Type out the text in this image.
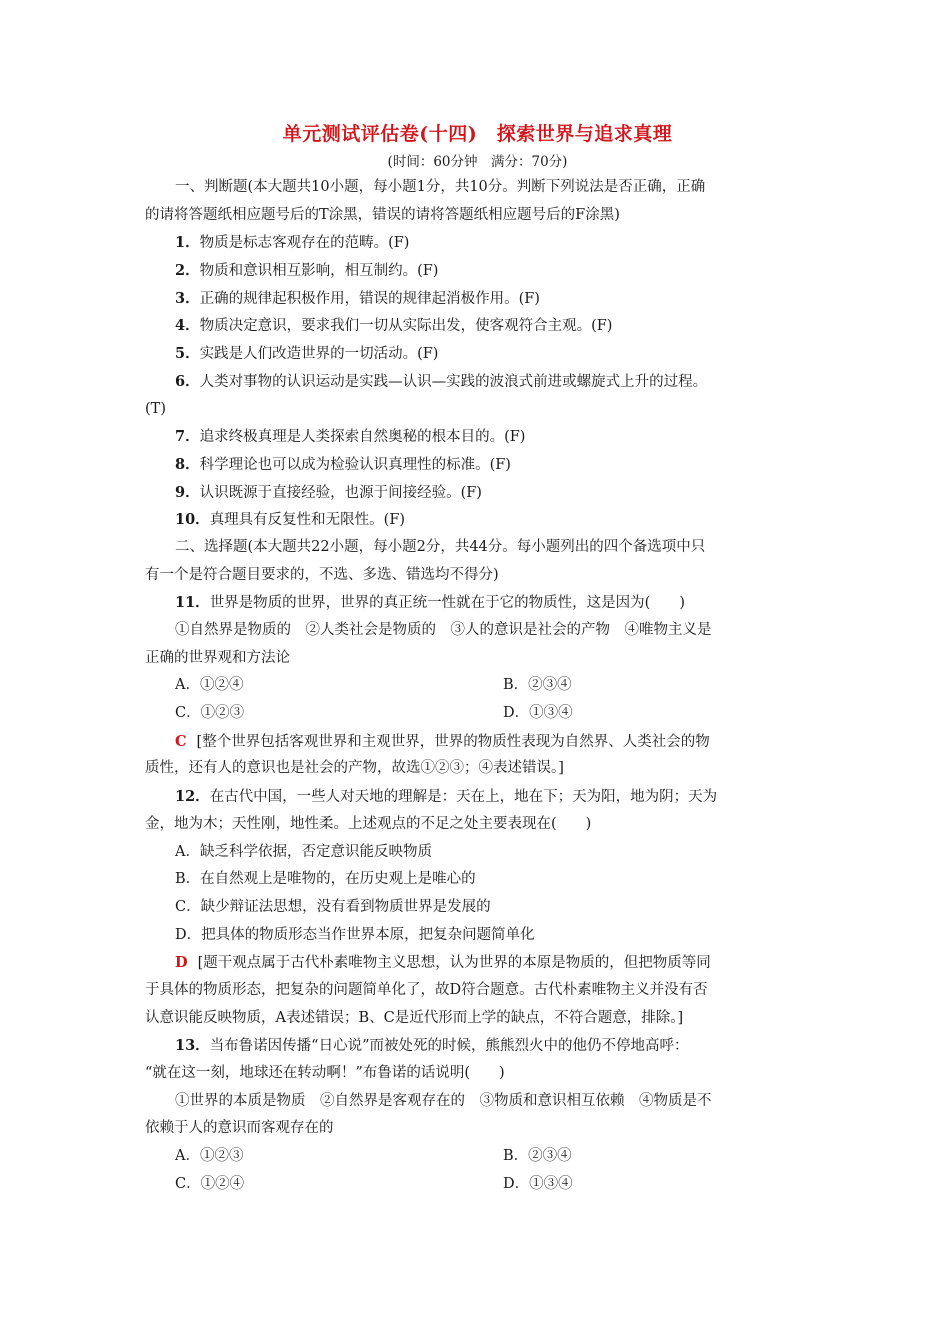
单元测试评估卷(十四)　探索世界与追求真理
(时间：60分钟　满分：70分)
一、判断题(本大题共10小题，每小题1分，共10分。判断下列说法是否正确，正确
的请将答题纸相应题号后的T涂黑，错误的请将答题纸相应题号后的F涂黑)
1．物质是标志客观存在的范畴。(F)
2．物质和意识相互影响，相互制约。(F)
3．正确的规律起积极作用，错误的规律起消极作用。(F)
4．物质决定意识，要求我们一切从实际出发，使客观符合主观。(F)
5．实践是人们改造世界的一切活动。(F)
6．人类对事物的认识运动是实践—认识—实践的波浪式前进或螺旋式上升的过程。
(T)
7．追求终极真理是人类探索自然奥秘的根本目的。(F)
8．科学理论也可以成为检验认识真理性的标准。(F)
9．认识既源于直接经验，也源于间接经验。(F)
10．真理具有反复性和无限性。(F)
二、选择题(本大题共22小题，每小题2分，共44分。每小题列出的四个备选项中只
有一个是符合题目要求的，不选、多选、错选均不得分)
11．世界是物质的世界，世界的真正统一性就在于它的物质性，这是因为(　　)
①自然界是物质的　②人类社会是物质的　③人的意识是社会的产物　④唯物主义是
正确的世界观和方法论
A．①②④	B．②③④
C．①②③	D．①③④
C [整个世界包括客观世界和主观世界，世界的物质性表现为自然界、人类社会的物
质性，还有人的意识也是社会的产物，故选①②③；④表述错误。]
12．在古代中国，一些人对天地的理解是：天在上，地在下；天为阳，地为阴；天为
金，地为木；天性刚，地性柔。上述观点的不足之处主要表现在(　　)
A．缺乏科学依据，否定意识能反映物质
B．在自然观上是唯物的，在历史观上是唯心的
C．缺少辩证法思想，没有看到物质世界是发展的
D．把具体的物质形态当作世界本原，把复杂问题简单化
D [题干观点属于古代朴素唯物主义思想，认为世界的本原是物质的，但把物质等同
于具体的物质形态，把复杂的问题简单化了，故D符合题意。古代朴素唯物主义并没有否
认意识能反映物质，A表述错误；B、C是近代形而上学的缺点，不符合题意，排除。]
13．当布鲁诺因传播“日心说”而被处死的时候，熊熊烈火中的他仍不停地高呼：
“就在这一刻，地球还在转动啊！”布鲁诺的话说明(　　)
①世界的本质是物质　②自然界是客观存在的　③物质和意识相互依赖　④物质是不
依赖于人的意识而客观存在的
A．①②③	B．②③④
C．①②④	D．①③④
